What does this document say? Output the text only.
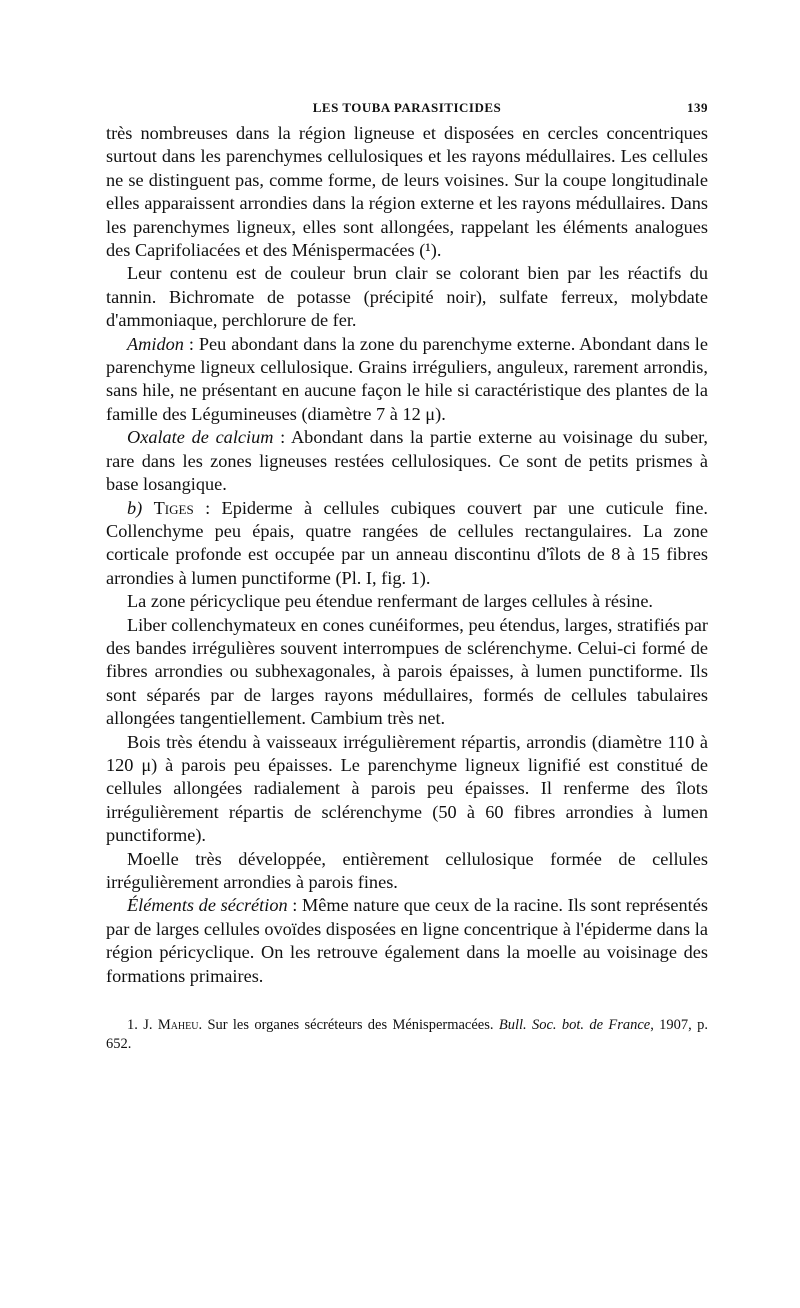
LES TOUBA PARASITICIDES	139

très nombreuses dans la région ligneuse et disposées en cercles concentriques surtout dans les parenchymes cellulosiques et les rayons médullaires. Les cellules ne se distinguent pas, comme forme, de leurs voisines. Sur la coupe longitudinale elles apparaissent arrondies dans la région externe et les rayons médullaires. Dans les parenchymes ligneux, elles sont allongées, rappelant les éléments analogues des Caprifoliacées et des Ménispermacées (¹).

Leur contenu est de couleur brun clair se colorant bien par les réactifs du tannin. Bichromate de potasse (précipité noir), sulfate ferreux, molybdate d'ammoniaque, perchlorure de fer.

Amidon : Peu abondant dans la zone du parenchyme externe. Abondant dans le parenchyme ligneux cellulosique. Grains irréguliers, anguleux, rarement arrondis, sans hile, ne présentant en aucune façon le hile si caractéristique des plantes de la famille des Légumineuses (diamètre 7 à 12 μ).

Oxalate de calcium : Abondant dans la partie externe au voisinage du suber, rare dans les zones ligneuses restées cellulosiques. Ce sont de petits prismes à base losangique.

b) Tiges : Epiderme à cellules cubiques couvert par une cuticule fine. Collenchyme peu épais, quatre rangées de cellules rectangulaires. La zone corticale profonde est occupée par un anneau discontinu d'îlots de 8 à 15 fibres arrondies à lumen punctiforme (Pl. I, fig. 1).

La zone péricyclique peu étendue renfermant de larges cellules à résine.

Liber collenchymateux en cones cunéiformes, peu étendus, larges, stratifiés par des bandes irrégulières souvent interrompues de sclérenchyme. Celui-ci formé de fibres arrondies ou subhexagonales, à parois épaisses, à lumen punctiforme. Ils sont séparés par de larges rayons médullaires, formés de cellules tabulaires allongées tangentiellement. Cambium très net.

Bois très étendu à vaisseaux irrégulièrement répartis, arrondis (diamètre 110 à 120 μ) à parois peu épaisses. Le parenchyme ligneux lignifié est constitué de cellules allongées radialement à parois peu épaisses. Il renferme des îlots irrégulièrement répartis de sclérenchyme (50 à 60 fibres arrondies à lumen punctiforme).

Moelle très développée, entièrement cellulosique formée de cellules irrégulièrement arrondies à parois fines.

Éléments de sécrétion : Même nature que ceux de la racine. Ils sont représentés par de larges cellules ovoïdes disposées en ligne concentrique à l'épiderme dans la région péricyclique. On les retrouve également dans la moelle au voisinage des formations primaires.

1. J. Maheu. Sur les organes sécréteurs des Ménispermacées. Bull. Soc. bot. de France, 1907, p. 652.
